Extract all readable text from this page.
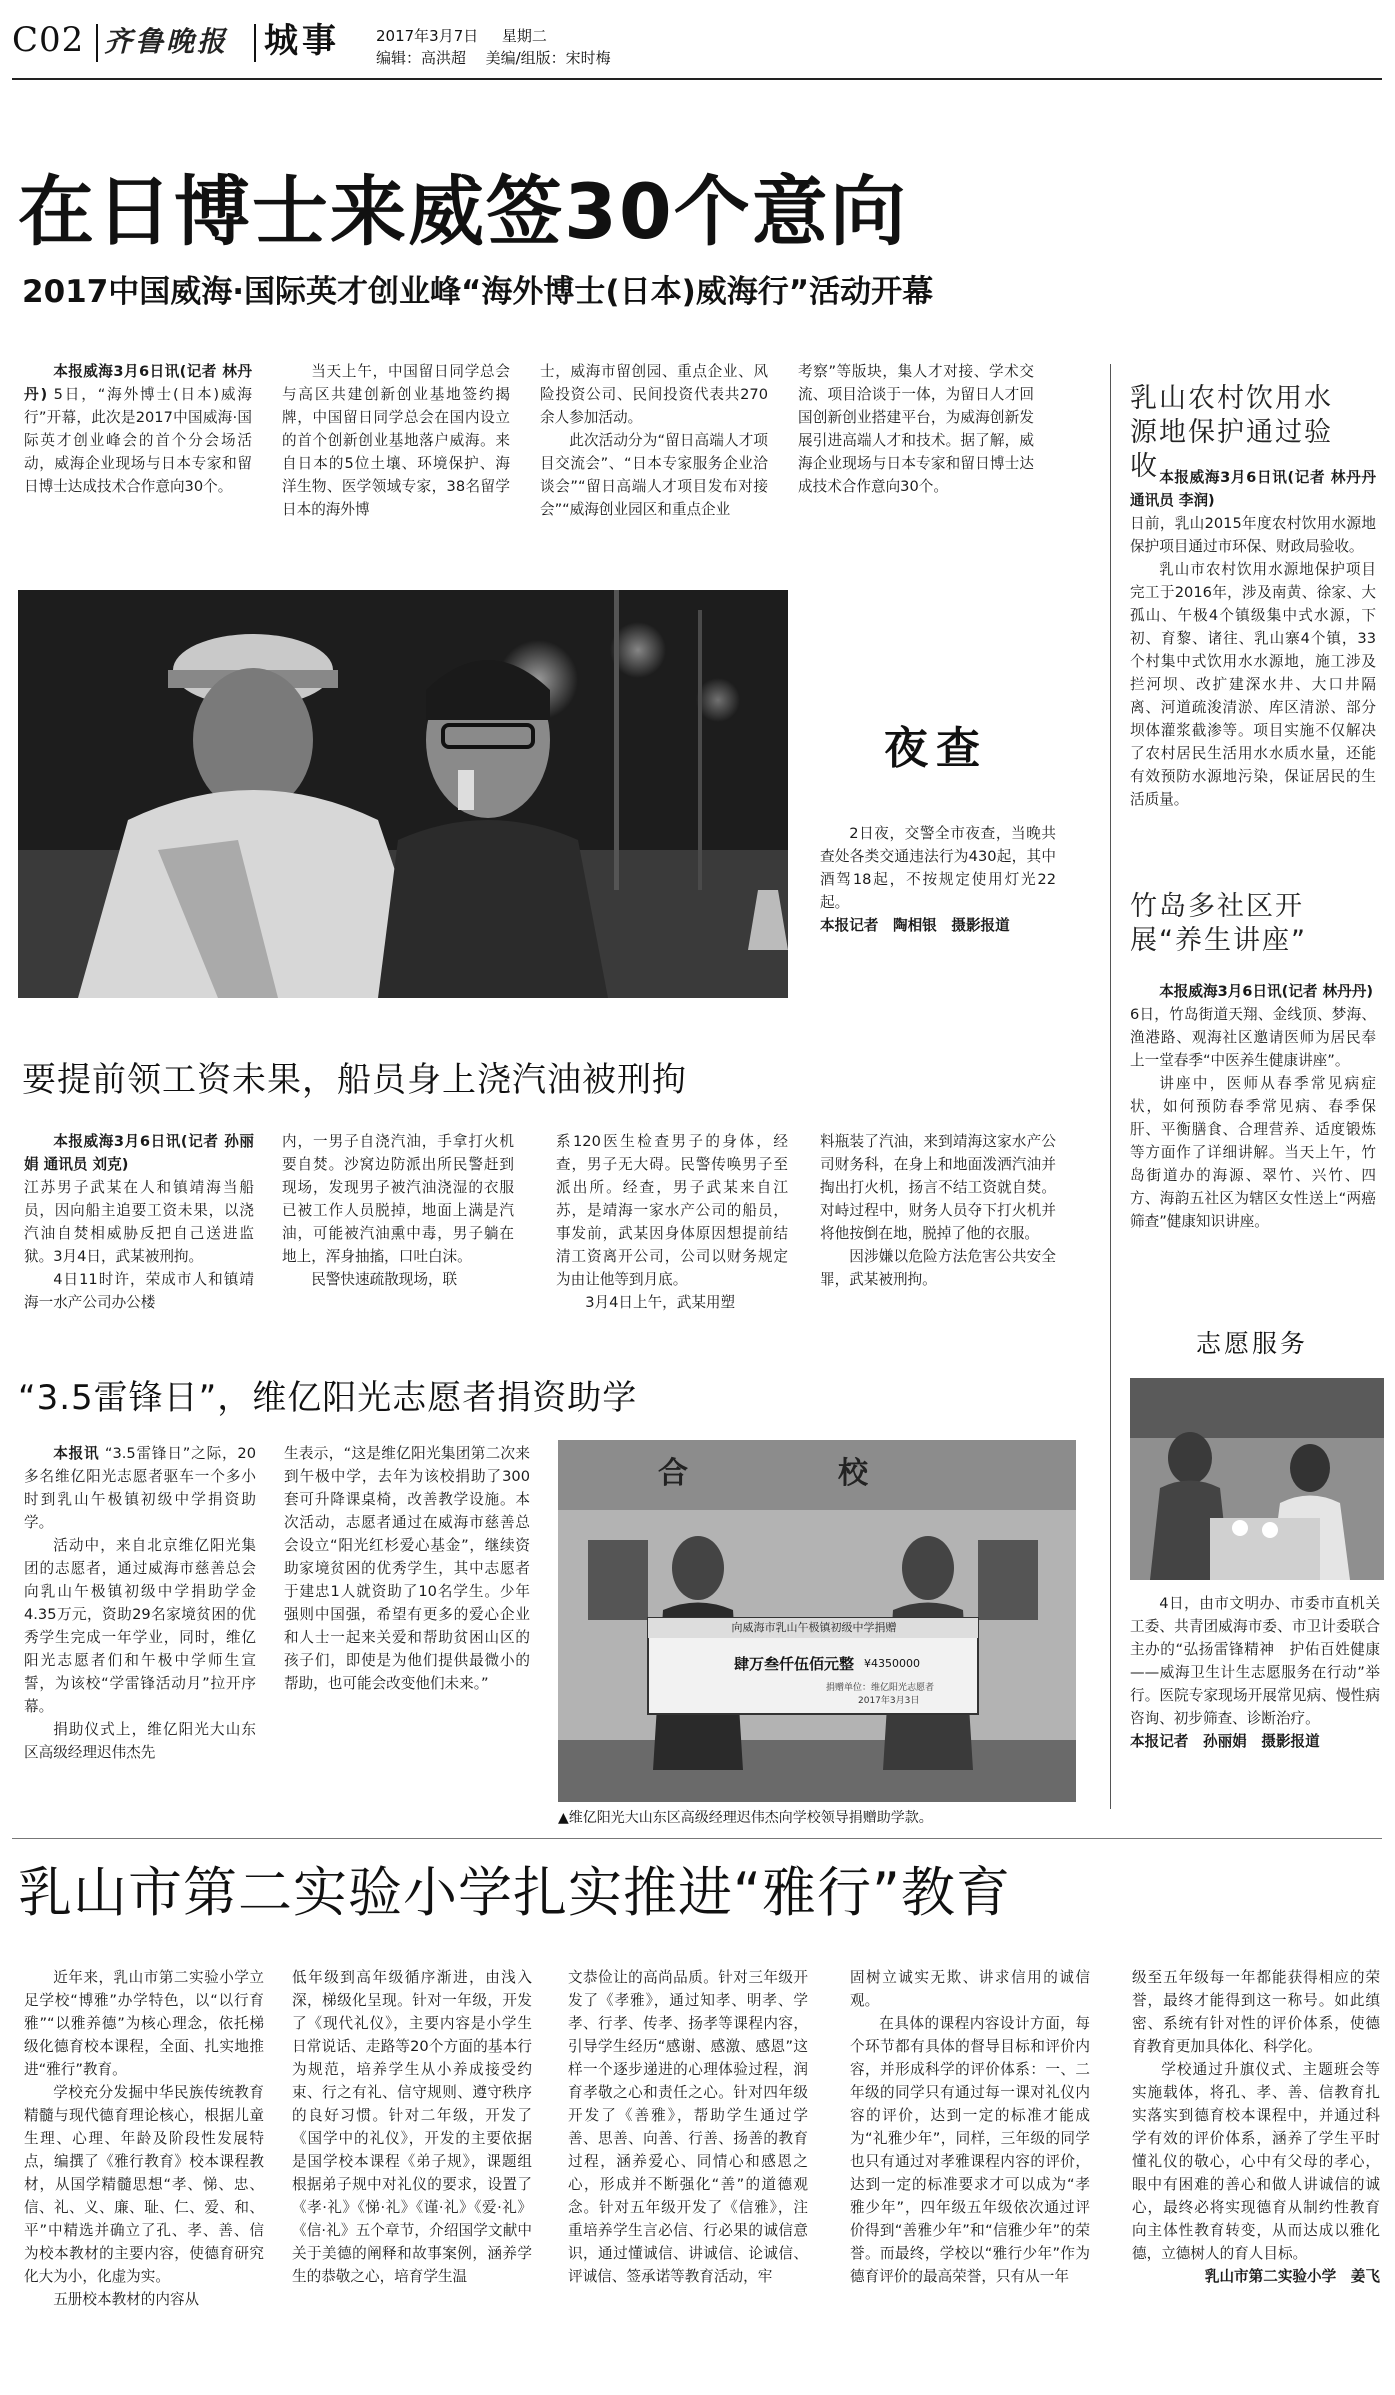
C02 齐鲁晚报 城事 2017年3月7日 星期二
编辑：高洪超 美编/组版：宋时梅
在日博士来威签30个意向
2017中国威海·国际英才创业峰“海外博士(日本)威海行”活动开幕

本报威海3月6日讯(记者 林丹丹) 5日，“海外博士(日本)威海行”开幕，此次是2017中国威海·国际英才创业峰会的首个分会场活动，威海企业现场与日本专家和留日博士达成技术合作意向30个。

当天上午，中国留日同学总会与高区共建创新创业基地签约揭牌，中国留日同学总会在国内设立的首个创新创业基地落户威海。来自日本的5位土壤、环境保护、海洋生物、医学领域专家，38名留学日本的海外博

士，威海市留创园、重点企业、风险投资公司、民间投资代表共270余人参加活动。

此次活动分为“留日高端人才项目交流会”、“日本专家服务企业洽谈会”“留日高端人才项目发布对接会”“威海创业园区和重点企业

考察”等版块，集人才对接、学术交流、项目洽谈于一体，为留日人才回国创新创业搭建平台，为威海创新发展引进高端人才和技术。据了解，威海企业现场与日本专家和留日博士达成技术合作意向30个。

夜查

2日夜，交警全市夜查，当晚共查处各类交通违法行为430起，其中酒驾18起，不按规定使用灯光22起。

本报记者　陶相银　摄影报道

要提前领工资未果，船员身上浇汽油被刑拘

本报威海3月6日讯(记者 孙丽娟 通讯员 刘克)

江苏男子武某在人和镇靖海当船员，因向船主追要工资未果，以浇汽油自焚相威胁反把自己送进监狱。3月4日，武某被刑拘。

4日11时许，荣成市人和镇靖海一水产公司办公楼

内，一男子自浇汽油，手拿打火机要自焚。沙窝边防派出所民警赶到现场，发现男子被汽油浇湿的衣服已被工作人员脱掉，地面上满是汽油，可能被汽油熏中毒，男子躺在地上，浑身抽搐，口吐白沫。

民警快速疏散现场，联

系120医生检查男子的身体，经查，男子无大碍。民警传唤男子至派出所。经查，男子武某来自江苏，是靖海一家水产公司的船员，事发前，武某因身体原因想提前结清工资离开公司，公司以财务规定为由让他等到月底。

3月4日上午，武某用塑

料瓶装了汽油，来到靖海这家水产公司财务科，在身上和地面泼洒汽油并掏出打火机，扬言不结工资就自焚。对峙过程中，财务人员夺下打火机并将他按倒在地，脱掉了他的衣服。

因涉嫌以危险方法危害公共安全罪，武某被刑拘。

“3.5雷锋日”，维亿阳光志愿者捐资助学

本报讯 “3.5雷锋日”之际，20多名维亿阳光志愿者驱车一个多小时到乳山午极镇初级中学捐资助学。

活动中，来自北京维亿阳光集团的志愿者，通过威海市慈善总会向乳山午极镇初级中学捐助学金4.35万元，资助29名家境贫困的优秀学生完成一年学业，同时，维亿阳光志愿者们和午极中学师生宣誓，为该校“学雷锋活动月”拉开序幕。

捐助仪式上，维亿阳光大山东区高级经理迟伟杰先

生表示，“这是维亿阳光集团第二次来到午极中学，去年为该校捐助了300套可升降课桌椅，改善教学设施。本次活动，志愿者通过在威海市慈善总会设立“阳光红杉爱心基金”，继续资助家境贫困的优秀学生，其中志愿者于建忠1人就资助了10名学生。少年强则中国强，希望有更多的爱心企业和人士一起来关爱和帮助贫困山区的孩子们，即使是为他们提供最微小的帮助，也可能会改变他们未来。”

合　校
向威海市乳山午极镇初级中学捐赠
肆万叁仟伍佰元整 ¥4350000
捐赠单位：维亿阳光志愿者
2017年3月3日
▲维亿阳光大山东区高级经理迟伟杰向学校领导捐赠助学款。
乳山农村饮用水源地保护通过验收 本报威海3月6日讯(记者 林丹丹 通讯员 李润)

日前，乳山2015年度农村饮用水源地保护项目通过市环保、财政局验收。

乳山市农村饮用水源地保护项目完工于2016年，涉及南黄、徐家、大孤山、午极4个镇级集中式水源，下初、育黎、诸往、乳山寨4个镇，33个村集中式饮用水水源地，施工涉及拦河坝、改扩建深水井、大口井隔离、河道疏浚清淤、库区清淤、部分坝体灌浆截渗等。项目实施不仅解决了农村居民生活用水水质水量，还能有效预防水源地污染，保证居民的生活质量。

竹岛多社区开展“养生讲座”

本报威海3月6日讯(记者 林丹丹)

6日，竹岛街道天翔、金线顶、梦海、渔港路、观海社区邀请医师为居民奉上一堂春季“中医养生健康讲座”。

讲座中，医师从春季常见病症状，如何预防春季常见病、春季保肝、平衡膳食、合理营养、适度锻炼等方面作了详细讲解。当天上午，竹岛街道办的海源、翠竹、兴竹、四方、海韵五社区为辖区女性送上“两癌筛查”健康知识讲座。

志愿服务

4日，由市文明办、市委市直机关工委、共青团威海市委、市卫计委联合主办的“弘扬雷锋精神　护佑百姓健康——威海卫生计生志愿服务在行动”举行。医院专家现场开展常见病、慢性病咨询、初步筛查、诊断治疗。

本报记者　孙丽娟　摄影报道

乳山市第二实验小学扎实推进“雅行”教育

近年来，乳山市第二实验小学立足学校“博雅”办学特色，以“以行育雅”“以雅养德”为核心理念，依托梯级化德育校本课程，全面、扎实地推进“雅行”教育。

学校充分发掘中华民族传统教育精髓与现代德育理论核心，根据儿童生理、心理、年龄及阶段性发展特点，编撰了《雅行教育》校本课程教材，从国学精髓思想“孝、悌、忠、信、礼、义、廉、耻、仁、爱、和、平”中精选并确立了孔、孝、善、信为校本教材的主要内容，使德育研究化大为小，化虚为实。

五册校本教材的内容从

低年级到高年级循序渐进，由浅入深，梯级化呈现。针对一年级，开发了《现代礼仪》，主要内容是小学生日常说话、走路等20个方面的基本行为规范，培养学生从小养成接受约束、行之有礼、信守规则、遵守秩序的良好习惯。针对二年级，开发了《国学中的礼仪》，开发的主要依据是国学校本课程《弟子规》，课题组根据弟子规中对礼仪的要求，设置了《孝·礼》《悌·礼》《谨·礼》《爱·礼》《信·礼》五个章节，介绍国学文献中关于美德的阐释和故事案例，涵养学生的恭敬之心，培育学生温

文恭俭让的高尚品质。针对三年级开发了《孝雅》，通过知孝、明孝、学孝、行孝、传孝、扬孝等课程内容，引导学生经历“感谢、感激、感恩”这样一个逐步递进的心理体验过程，润育孝敬之心和责任之心。针对四年级开发了《善雅》，帮助学生通过学善、思善、向善、行善、扬善的教育过程，涵养爱心、同情心和感恩之心，形成并不断强化“善”的道德观念。针对五年级开发了《信雅》，注重培养学生言必信、行必果的诚信意识，通过懂诚信、讲诚信、论诚信、评诚信、签承诺等教育活动，牢

固树立诚实无欺、讲求信用的诚信观。

在具体的课程内容设计方面，每个环节都有具体的督导目标和评价内容，并形成科学的评价体系：一、二年级的同学只有通过每一课对礼仪内容的评价，达到一定的标准才能成为“礼雅少年”，同样，三年级的同学也只有通过对孝雅课程内容的评价，达到一定的标准要求才可以成为“孝雅少年”，四年级五年级依次通过评价得到“善雅少年”和“信雅少年”的荣誉。而最终，学校以“雅行少年”作为德育评价的最高荣誉，只有从一年

级至五年级每一年都能获得相应的荣誉，最终才能得到这一称号。如此缜密、系统有针对性的评价体系，使德育教育更加具体化、科学化。

学校通过升旗仪式、主题班会等实施载体，将孔、孝、善、信教育扎实落实到德育校本课程中，并通过科学有效的评价体系，涵养了学生平时懂礼仪的敬心，心中有父母的孝心，眼中有困难的善心和做人讲诚信的诚心，最终必将实现德育从制约性教育向主体性教育转变，从而达成以雅化德，立德树人的育人目标。

乳山市第二实验小学　姜飞
